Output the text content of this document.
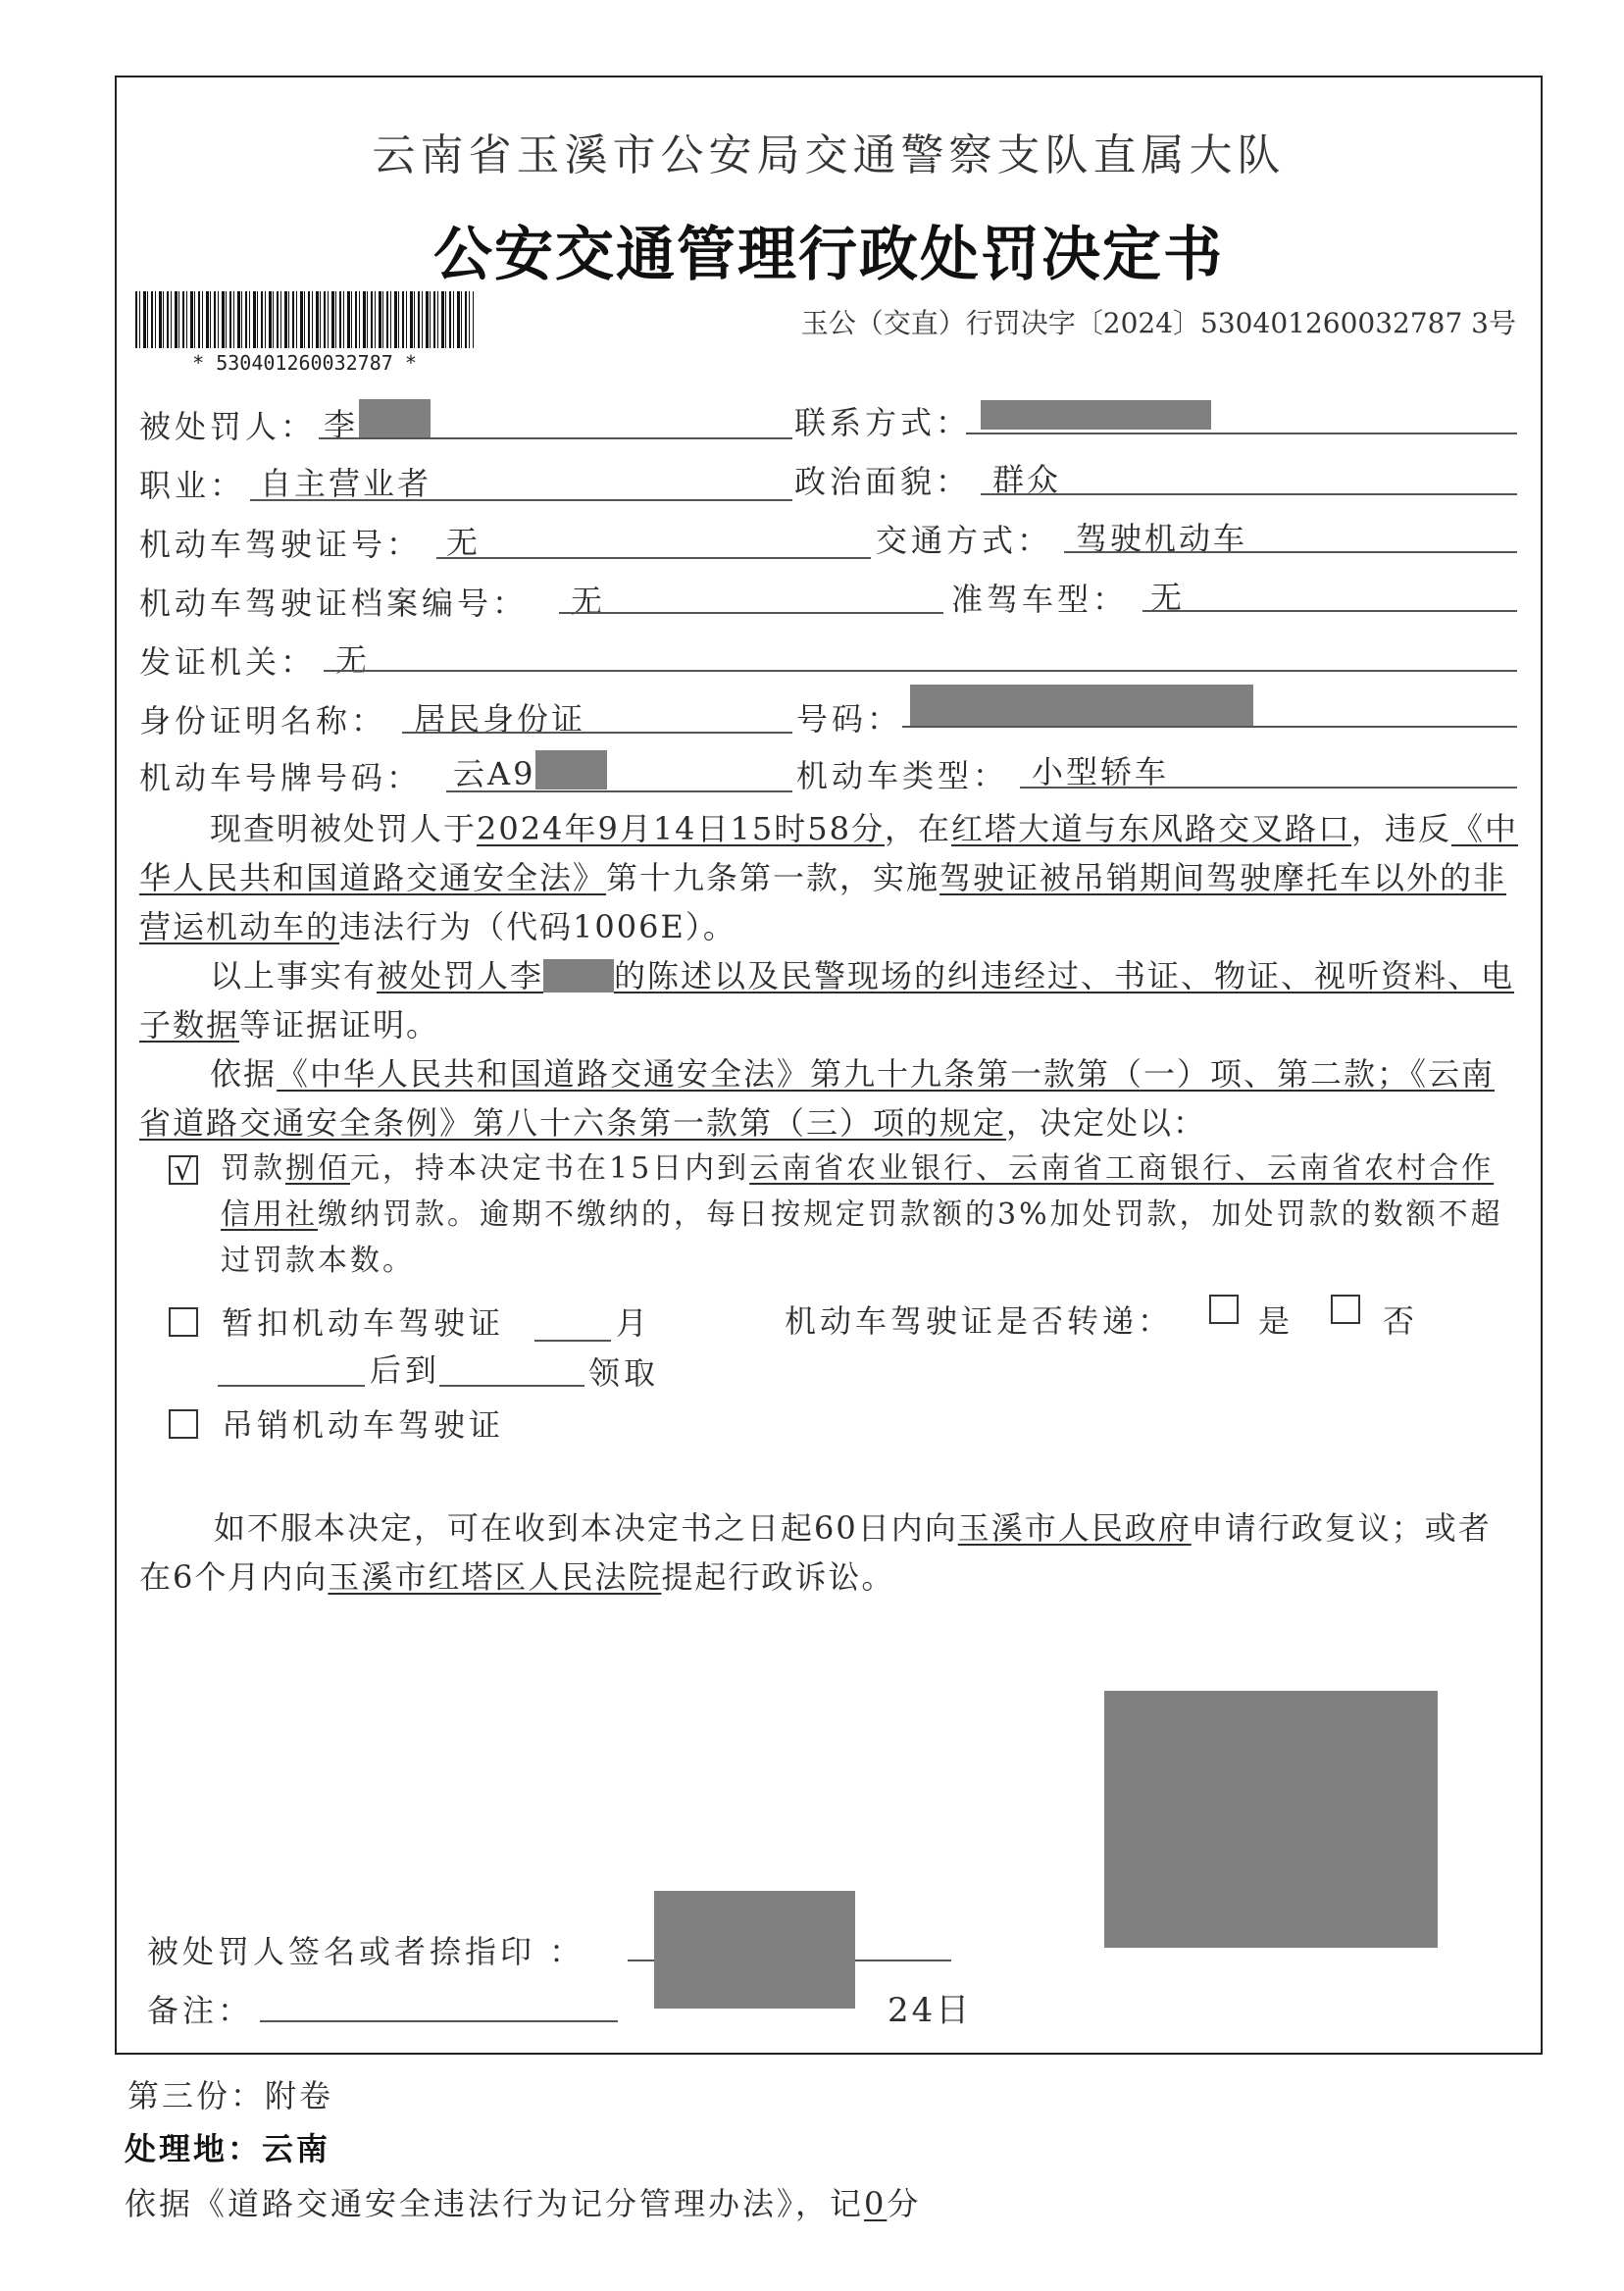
云南省玉溪市公安局交通警察支队直属大队
公安交通管理行政处罚决定书
* 530401260032787 *
玉公（交直）行罚决字〔2024〕530401260032787 3号
被处罚人： 李	联系方式：
职业： 自主营业者	政治面貌： 群众
机动车驾驶证号： 无	交通方式： 驾驶机动车
机动车驾驶证档案编号： 无	准驾车型： 无
发证机关： 无
身份证明名称： 居民身份证	号码：
机动车号牌号码： 云A9	机动车类型： 小型轿车

现查明被处罚人于2024年9月14日15时58分，在红塔大道与东风路交叉路口，违反《中华人民共和国道路交通安全法》第十九条第一款，实施驾驶证被吊销期间驾驶摩托车以外的非营运机动车的违法行为（代码1006E）。

以上事实有被处罚人李 的陈述以及民警现场的纠违经过、书证、物证、视听资料、电子数据等证据证明。

依据《中华人民共和国道路交通安全法》第九十九条第一款第（一）项、第二款；《云南省道路交通安全条例》第八十六条第一款第（三）项的规定，决定处以：

√ 罚款捌佰元，持本决定书在15日内到云南省农业银行、云南省工商银行、云南省农村合作信用社缴纳罚款。逾期不缴纳的，每日按规定罚款额的3%加处罚款，加处罚款的数额不超过罚款本数。
暂扣机动车驾驶证	月	机动车驾驶证是否转递：	是	否
后到	领取
吊销机动车驾驶证

如不服本决定，可在收到本决定书之日起60日内向玉溪市人民政府申请行政复议；或者在6个月内向玉溪市红塔区人民法院提起行政诉讼。

被处罚人签名或者捺指印 ：
备注：	24日
第三份：附卷
处理地：云南
依据《道路交通安全违法行为记分管理办法》，记0分
